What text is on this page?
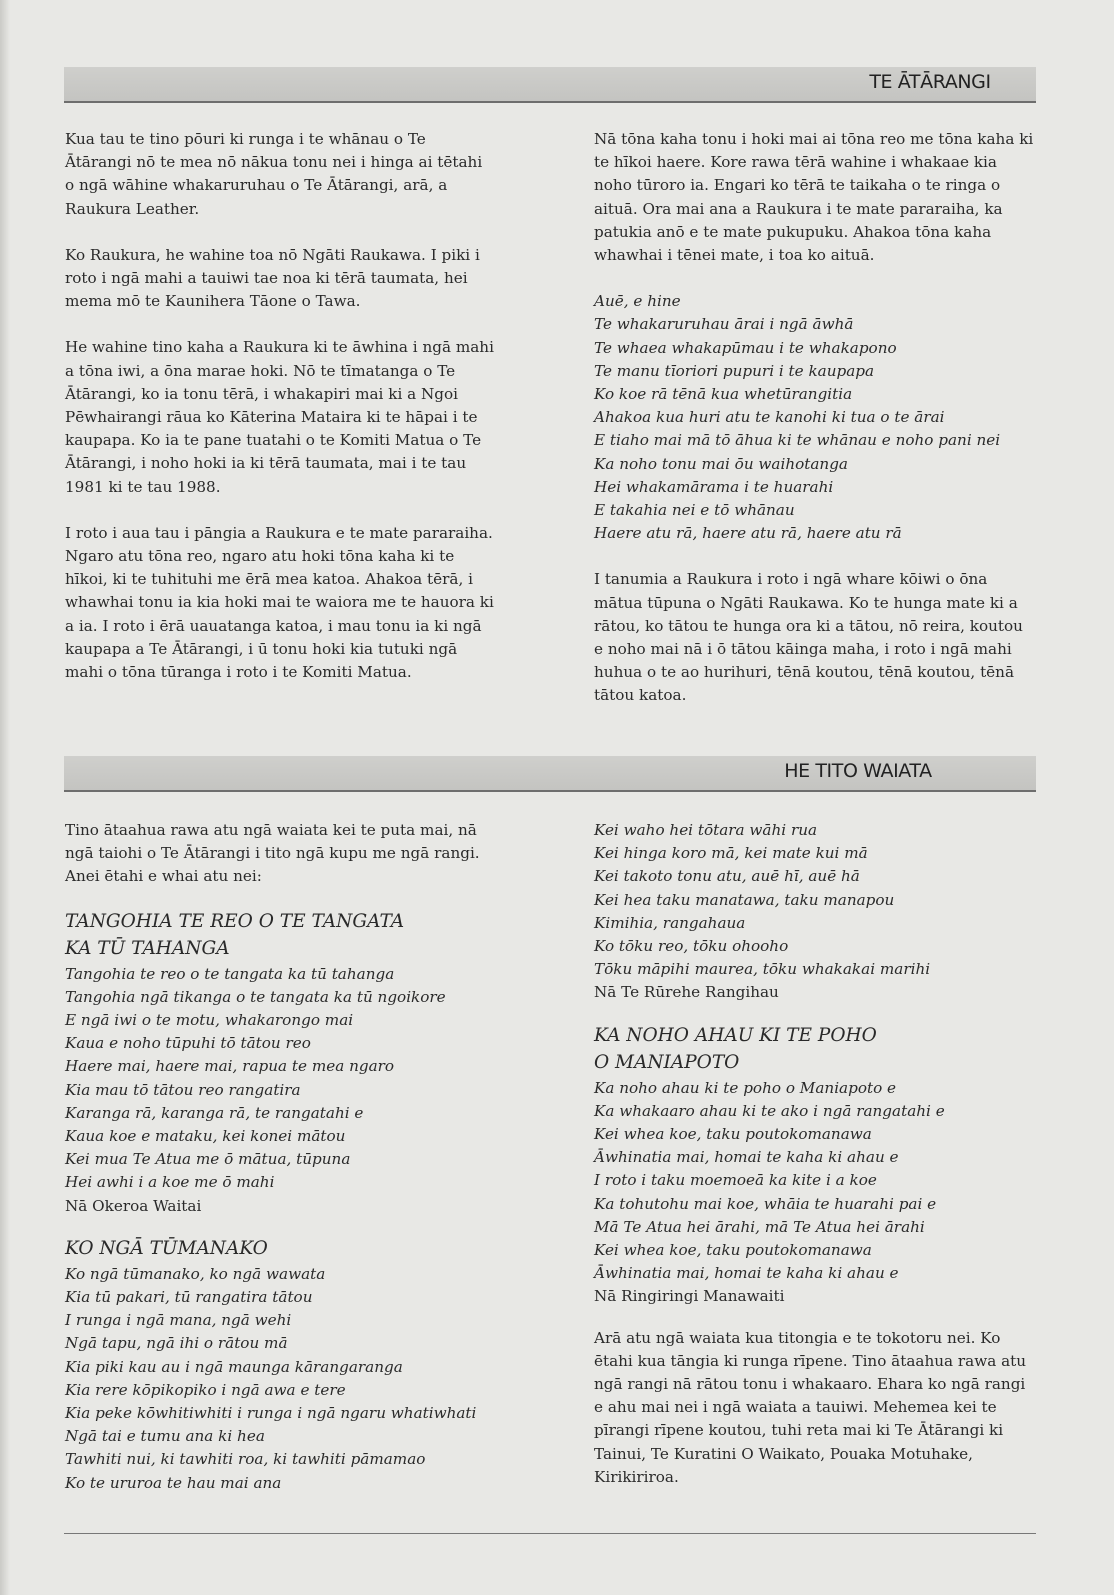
TE ĀTĀRANGI

Kua tau te tino pōuri ki runga i te whānau o Te Ātārangi nō te mea nō nākua tonu nei i hinga ai tētahi o ngā wāhine whakaruruhau o Te Ātārangi, arā, a Raukura Leather.

Ko Raukura, he wahine toa nō Ngāti Raukawa. I piki i roto i ngā mahi a tauiwi tae noa ki tērā taumata, hei mema mō te Kaunihera Tāone o Tawa.

He wahine tino kaha a Raukura ki te āwhina i ngā mahi a tōna iwi, a ōna marae hoki. Nō te tīmatanga o Te Ātārangi, ko ia tonu tērā, i whakapiri mai ki a Ngoi Pēwhairangi rāua ko Kāterina Mataira ki te hāpai i te kaupapa. Ko ia te pane tuatahi o te Komiti Matua o Te Ātārangi, i noho hoki ia ki tērā taumata, mai i te tau 1981 ki te tau 1988.

I roto i aua tau i pāngia a Raukura e te mate pararaiha. Ngaro atu tōna reo, ngaro atu hoki tōna kaha ki te hīkoi, ki te tuhituhi me ērā mea katoa. Ahakoa tērā, i whawhai tonu ia kia hoki mai te waiora me te hauora ki a ia. I roto i ērā uauatanga katoa, i mau tonu ia ki ngā kaupapa a Te Ātārangi, i ū tonu hoki kia tutuki ngā mahi o tōna tūranga i roto i te Komiti Matua.

Nā tōna kaha tonu i hoki mai ai tōna reo me tōna kaha ki te hīkoi haere. Kore rawa tērā wahine i whakaae kia noho tūroro ia. Engari ko tērā te taikaha o te ringa o aituā. Ora mai ana a Raukura i te mate pararaiha, ka patukia anō e te mate pukupuku. Ahakoa tōna kaha whawhai i tēnei mate, i toa ko aituā.

Auē, e hine
Te whakaruruhau ārai i ngā āwhā
Te whaea whakapūmau i te whakapono
Te manu tīoriori pupuri i te kaupapa
Ko koe rā tēnā kua whetūrangitia
Ahakoa kua huri atu te kanohi ki tua o te ārai
E tiaho mai mā tō āhua ki te whānau e noho pani nei
Ka noho tonu mai ōu waihotanga
Hei whakamārama i te huarahi
E takahia nei e tō whānau
Haere atu rā, haere atu rā, haere atu rā

I tanumia a Raukura i roto i ngā whare kōiwi o ōna mātua tūpuna o Ngāti Raukawa. Ko te hunga mate ki a rātou, ko tātou te hunga ora ki a tātou, nō reira, koutou e noho mai nā i ō tātou kāinga maha, i roto i ngā mahi huhua o te ao hurihuri, tēnā koutou, tēnā koutou, tēnā tātou katoa.

HE TITO WAIATA

Tino ātaahua rawa atu ngā waiata kei te puta mai, nā ngā taiohi o Te Ātārangi i tito ngā kupu me ngā rangi. Anei ētahi e whai atu nei:

TANGOHIA TE REO O TE TANGATA
KA TŪ TAHANGA
Tangohia te reo o te tangata ka tū tahanga
Tangohia ngā tikanga o te tangata ka tū ngoikore
E ngā iwi o te motu, whakarongo mai
Kaua e noho tūpuhi tō tātou reo
Haere mai, haere mai, rapua te mea ngaro
Kia mau tō tātou reo rangatira
Karanga rā, karanga rā, te rangatahi e
Kaua koe e mataku, kei konei mātou
Kei mua Te Atua me ō mātua, tūpuna
Hei awhi i a koe me ō mahi
Nā Okeroa Waitai
KO NGĀ TŪMANAKO
Ko ngā tūmanako, ko ngā wawata
Kia tū pakari, tū rangatira tātou
I runga i ngā mana, ngā wehi
Ngā tapu, ngā ihi o rātou mā
Kia piki kau au i ngā maunga kārangaranga
Kia rere kōpikopiko i ngā awa e tere
Kia peke kōwhitiwhiti i runga i ngā ngaru whatiwhati
Ngā tai e tumu ana ki hea
Tawhiti nui, ki tawhiti roa, ki tawhiti pāmamao
Ko te ururoa te hau mai ana
Kei waho hei tōtara wāhi rua
Kei hinga koro mā, kei mate kui mā
Kei takoto tonu atu, auē hī, auē hā
Kei hea taku manatawa, taku manapou
Kimihia, rangahaua
Ko tōku reo, tōku ohooho
Tōku māpihi maurea, tōku whakakai marihi
Nā Te Rūrehe Rangihau
KA NOHO AHAU KI TE POHO
O MANIAPOTO
Ka noho ahau ki te poho o Maniapoto e
Ka whakaaro ahau ki te ako i ngā rangatahi e
Kei whea koe, taku poutokomanawa
Āwhinatia mai, homai te kaha ki ahau e
I roto i taku moemoeā ka kite i a koe
Ka tohutohu mai koe, whāia te huarahi pai e
Mā Te Atua hei ārahi, mā Te Atua hei ārahi
Kei whea koe, taku poutokomanawa
Āwhinatia mai, homai te kaha ki ahau e
Nā Ringiringi Manawaiti

Arā atu ngā waiata kua titongia e te tokotoru nei. Ko ētahi kua tāngia ki runga rīpene. Tino ātaahua rawa atu ngā rangi nā rātou tonu i whakaaro. Ehara ko ngā rangi e ahu mai nei i ngā waiata a tauiwi. Mehemea kei te pīrangi rīpene koutou, tuhi reta mai ki Te Ātārangi ki Tainui, Te Kuratini O Waikato, Pouaka Motuhake, Kirikiriroa.
